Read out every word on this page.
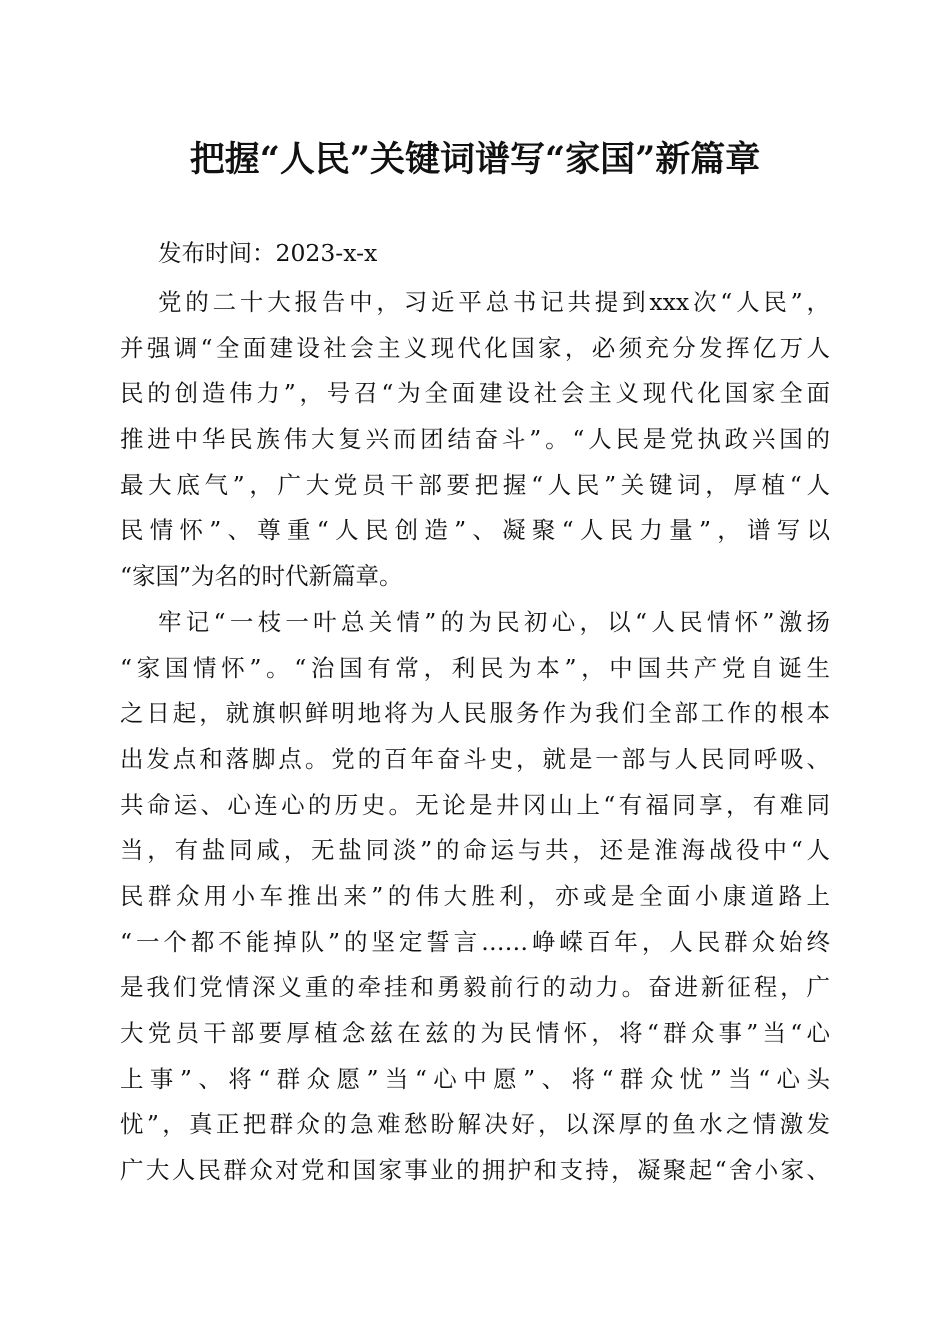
把握“人民”关键词谱写“家国”新篇章

发布时间：2023-x-x

党的二十大报告中，习近平总书记共提到xxx次“人民”，
并强调“全面建设社会主义现代化国家，必须充分发挥亿万人
民的创造伟力”，号召“为全面建设社会主义现代化国家全面
推进中华民族伟大复兴而团结奋斗”。“人民是党执政兴国的
最大底气”，广大党员干部要把握“人民”关键词，厚植“人
民情怀”、尊重“人民创造”、凝聚“人民力量”，谱写以
“家国”为名的时代新篇章。
牢记“一枝一叶总关情”的为民初心，以“人民情怀”激扬
“家国情怀”。“治国有常，利民为本”，中国共产党自诞生
之日起，就旗帜鲜明地将为人民服务作为我们全部工作的根本
出发点和落脚点。党的百年奋斗史，就是一部与人民同呼吸、
共命运、心连心的历史。无论是井冈山上“有福同享，有难同
当，有盐同咸，无盐同淡”的命运与共，还是淮海战役中“人
民群众用小车推出来”的伟大胜利，亦或是全面小康道路上
“一个都不能掉队”的坚定誓言……峥嵘百年，人民群众始终
是我们党情深义重的牵挂和勇毅前行的动力。奋进新征程，广
大党员干部要厚植念兹在兹的为民情怀，将“群众事”当“心
上事”、将“群众愿”当“心中愿”、将“群众忧”当“心头
忧”，真正把群众的急难愁盼解决好，以深厚的鱼水之情激发
广大人民群众对党和国家事业的拥护和支持，凝聚起“舍小家、
